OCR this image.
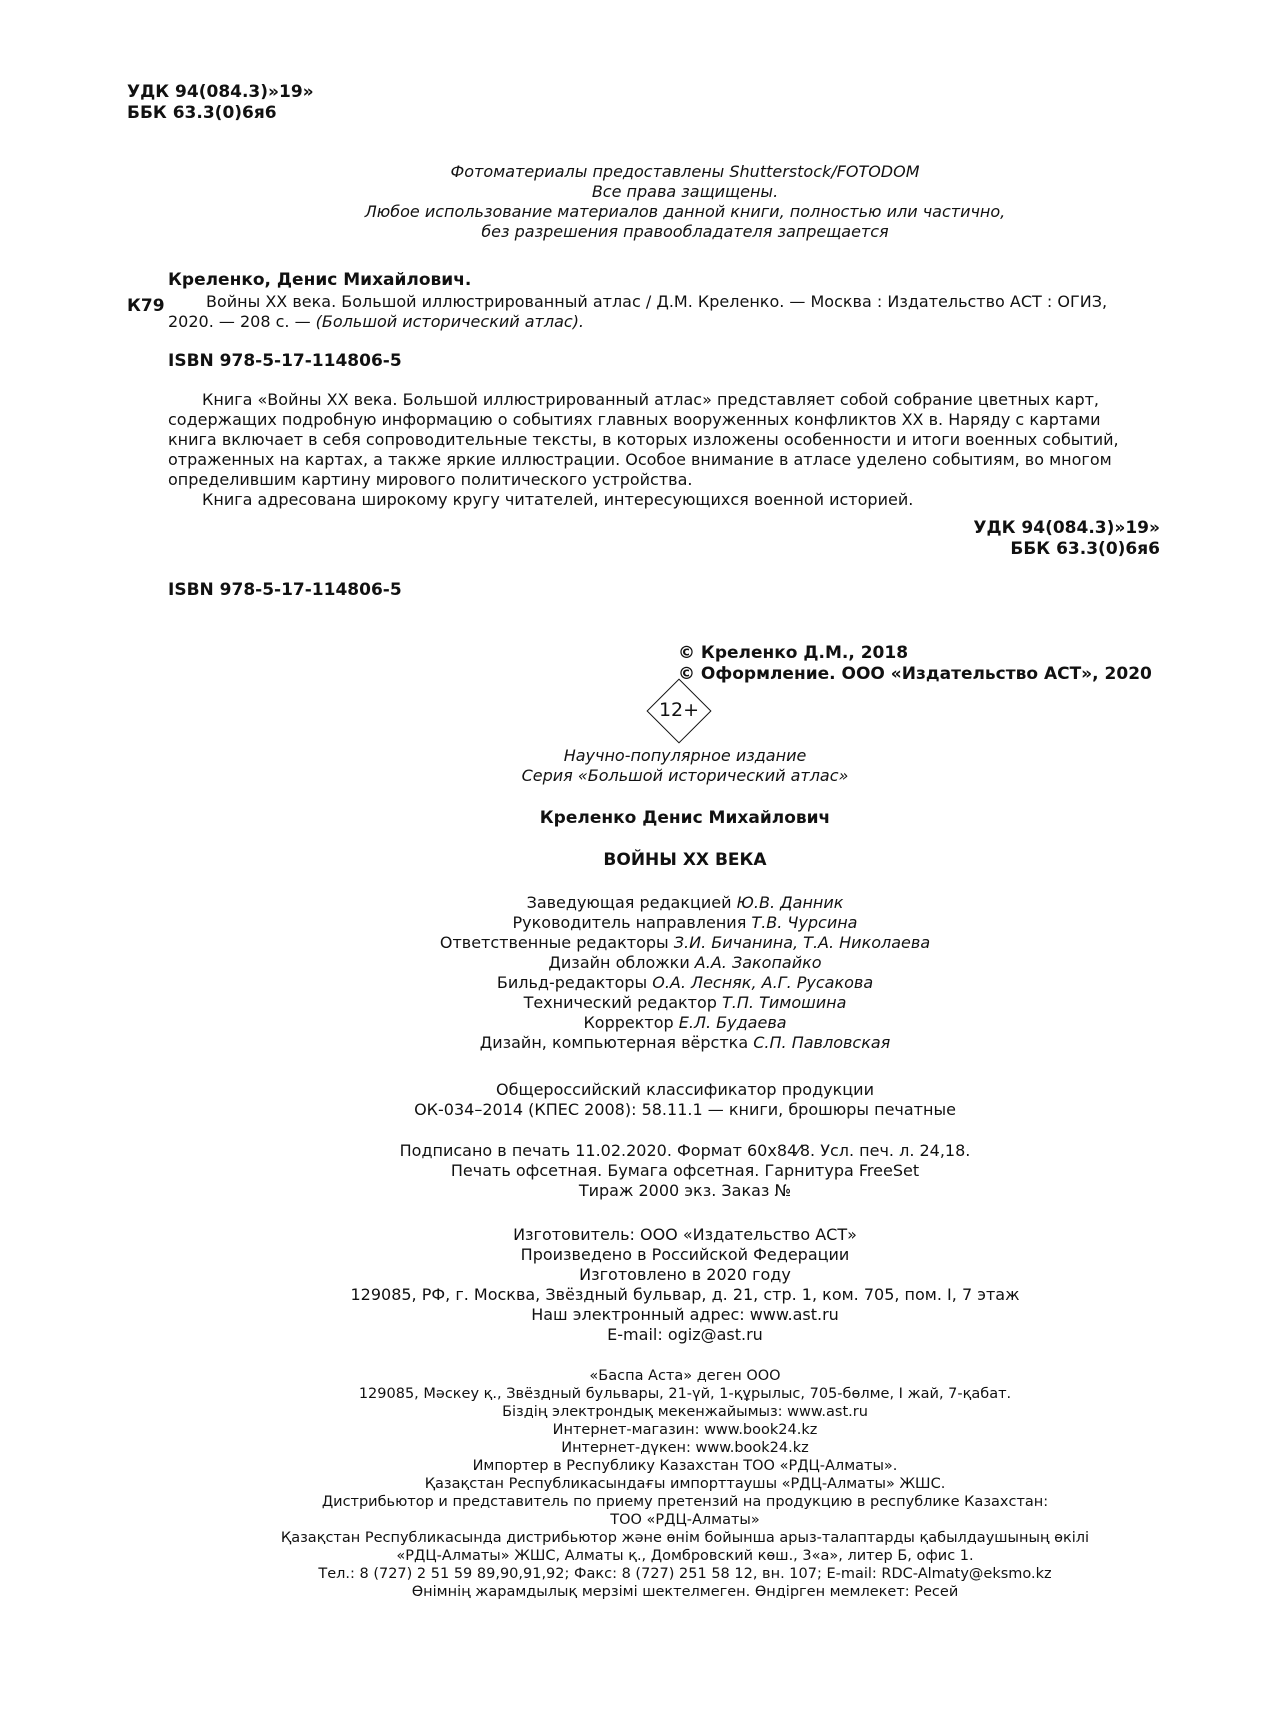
УДК 94(084.3)»19»
ББК 63.3(0)6я6
Фотоматериалы предоставлены Shutterstock/FOTODOM
Все права защищены.
Любое использование материалов данной книги, полностью или частично,
без разрешения правообладателя запрещается
К79
Креленко, Денис Михайлович.
Войны ХХ века. Большой иллюстрированный атлас / Д.М. Креленко. — Москва : Издательство АСТ : ОГИЗ,
2020. — 208 с. — (Большой исторический атлас).
ISBN 978-5-17-114806-5
Книга «Войны XX века. Большой иллюстрированный атлас» представляет собой собрание цветных карт,
содержащих подробную информацию о событиях главных вооруженных конфликтов XX в. Наряду с картами
книга включает в себя сопроводительные тексты, в которых изложены особенности и итоги военных событий,
отраженных на картах, а также яркие иллюстрации. Особое внимание в атласе уделено событиям, во многом
определившим картину мирового политического устройства.
Книга адресована широкому кругу читателей, интересующихся военной историей.
УДК 94(084.3)»19»
ББК 63.3(0)6я6
ISBN 978-5-17-114806-5
© Креленко Д.М., 2018
© Оформление. ООО «Издательство АСТ», 2020
12+
Научно-популярное издание
Серия «Большой исторический атлас»
Креленко Денис Михайлович
ВОЙНЫ XX ВЕКА
Заведующая редакцией Ю.В. Данник
Руководитель направления Т.В. Чурсина
Ответственные редакторы З.И. Бичанина, Т.А. Николаева
Дизайн обложки А.А. Закопайко
Бильд-редакторы О.А. Лесняк, А.Г. Русакова
Технический редактор Т.П. Тимошина
Корректор Е.Л. Будаева
Дизайн, компьютерная вёрстка С.П. Павловская
Общероссийский классификатор продукции
ОК-034–2014 (КПЕС 2008): 58.11.1 — книги, брошюры печатные
Подписано в печать 11.02.2020. Формат 60x84⁄8. Усл. печ. л. 24,18.
Печать офсетная. Бумага офсетная. Гарнитура FreeSet
Тираж 2000 экз. Заказ №
Изготовитель: ООО «Издательство АСТ»
Произведено в Российской Федерации
Изготовлено в 2020 году
129085, РФ, г. Москва, Звёздный бульвар, д. 21, стр. 1, ком. 705, пом. I, 7 этаж
Наш электронный адрес: www.ast.ru
E-mail: ogiz@ast.ru
«Баспа Аста» деген ООО
129085, Мәскеу қ., Звёздный бульвары, 21-үй, 1-құрылыс, 705-бөлме, I жай, 7-қабат.
Біздің электрондық мекенжайымыз: www.ast.ru
Интернет-магазин: www.book24.kz
Интернет-дүкен: www.book24.kz
Импортер в Республику Казахстан ТОО «РДЦ-Алматы».
Қазақстан Республикасындағы импорттаушы «РДЦ-Алматы» ЖШС.
Дистрибьютор и представитель по приему претензий на продукцию в республике Казахстан:
ТОО «РДЦ-Алматы»
Қазақстан Республикасында дистрибьютор және өнім бойынша арыз-талаптарды қабылдаушының өкілі
«РДЦ-Алматы» ЖШС, Алматы қ., Домбровский көш., 3«а», литер Б, офис 1.
Тел.: 8 (727) 2 51 59 89,90,91,92; Факс: 8 (727) 251 58 12, вн. 107; E-mail: RDC-Almaty@eksmo.kz
Өнімнің жарамдылық мерзімі шектелмеген. Өндірген мемлекет: Ресей
